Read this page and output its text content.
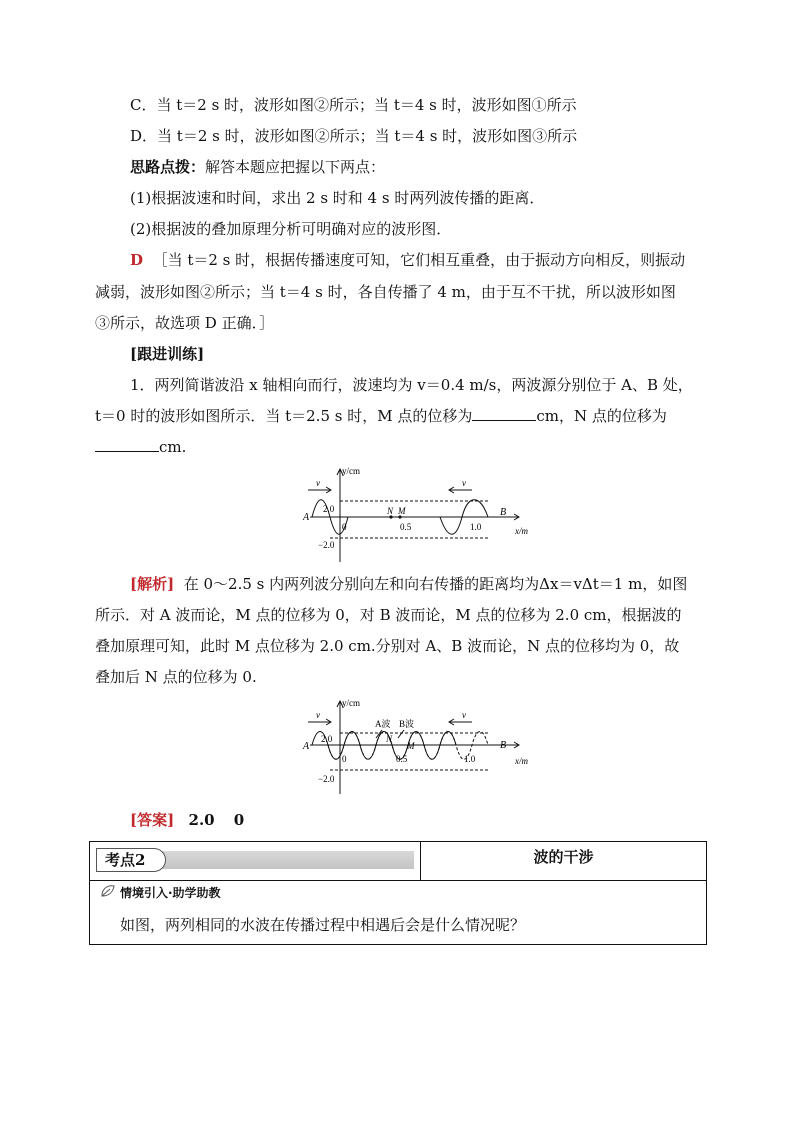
C．当 t＝2 s 时，波形如图②所示；当 t＝4 s 时，波形如图①所示
D．当 t＝2 s 时，波形如图②所示；当 t＝4 s 时，波形如图③所示
思路点拨：解答本题应把握以下两点：
(1)根据波速和时间，求出 2 s 时和 4 s 时两列波传播的距离．
(2)根据波的叠加原理分析可明确对应的波形图．
D ［当 t＝2 s 时，根据传播速度可知，它们相互重叠，由于振动方向相反，则振动
减弱，波形如图②所示；当 t＝4 s 时，各自传播了 4 m，由于互不干扰，所以波形如图
③所示，故选项 D 正确．］
[跟进训练]
1．两列简谐波沿 x 轴相向而行，波速均为 v＝0.4 m/s，两波源分别位于 A、B 处，
t＝0 时的波形如图所示．当 t＝2.5 s 时，M 点的位移为	cm，N 点的位移为
cm.
y/cm
x/m
2.0
−2.0
0	0.5	1.0
A	B
N M
v	v
[解析] 在 0～2.5 s 内两列波分别向左和向右传播的距离均为Δx＝vΔt＝1 m，如图
所示．对 A 波而论，M 点的位移为 0，对 B 波而论，M 点的位移为 2.0 cm，根据波的
叠加原理可知，此时 M 点位移为 2.0 cm.分别对 A、B 波而论，N 点的位移均为 0，故
叠加后 N 点的位移为 0.
y/cm
x/m
2.0
−2.0
0	0.5	1.0
A	B
N
M
A波 B波
v	v
[答案] 2.0 0
考点2	波的干涉
情境引入·助学助教
如图，两列相同的水波在传播过程中相遇后会是什么情况呢？
